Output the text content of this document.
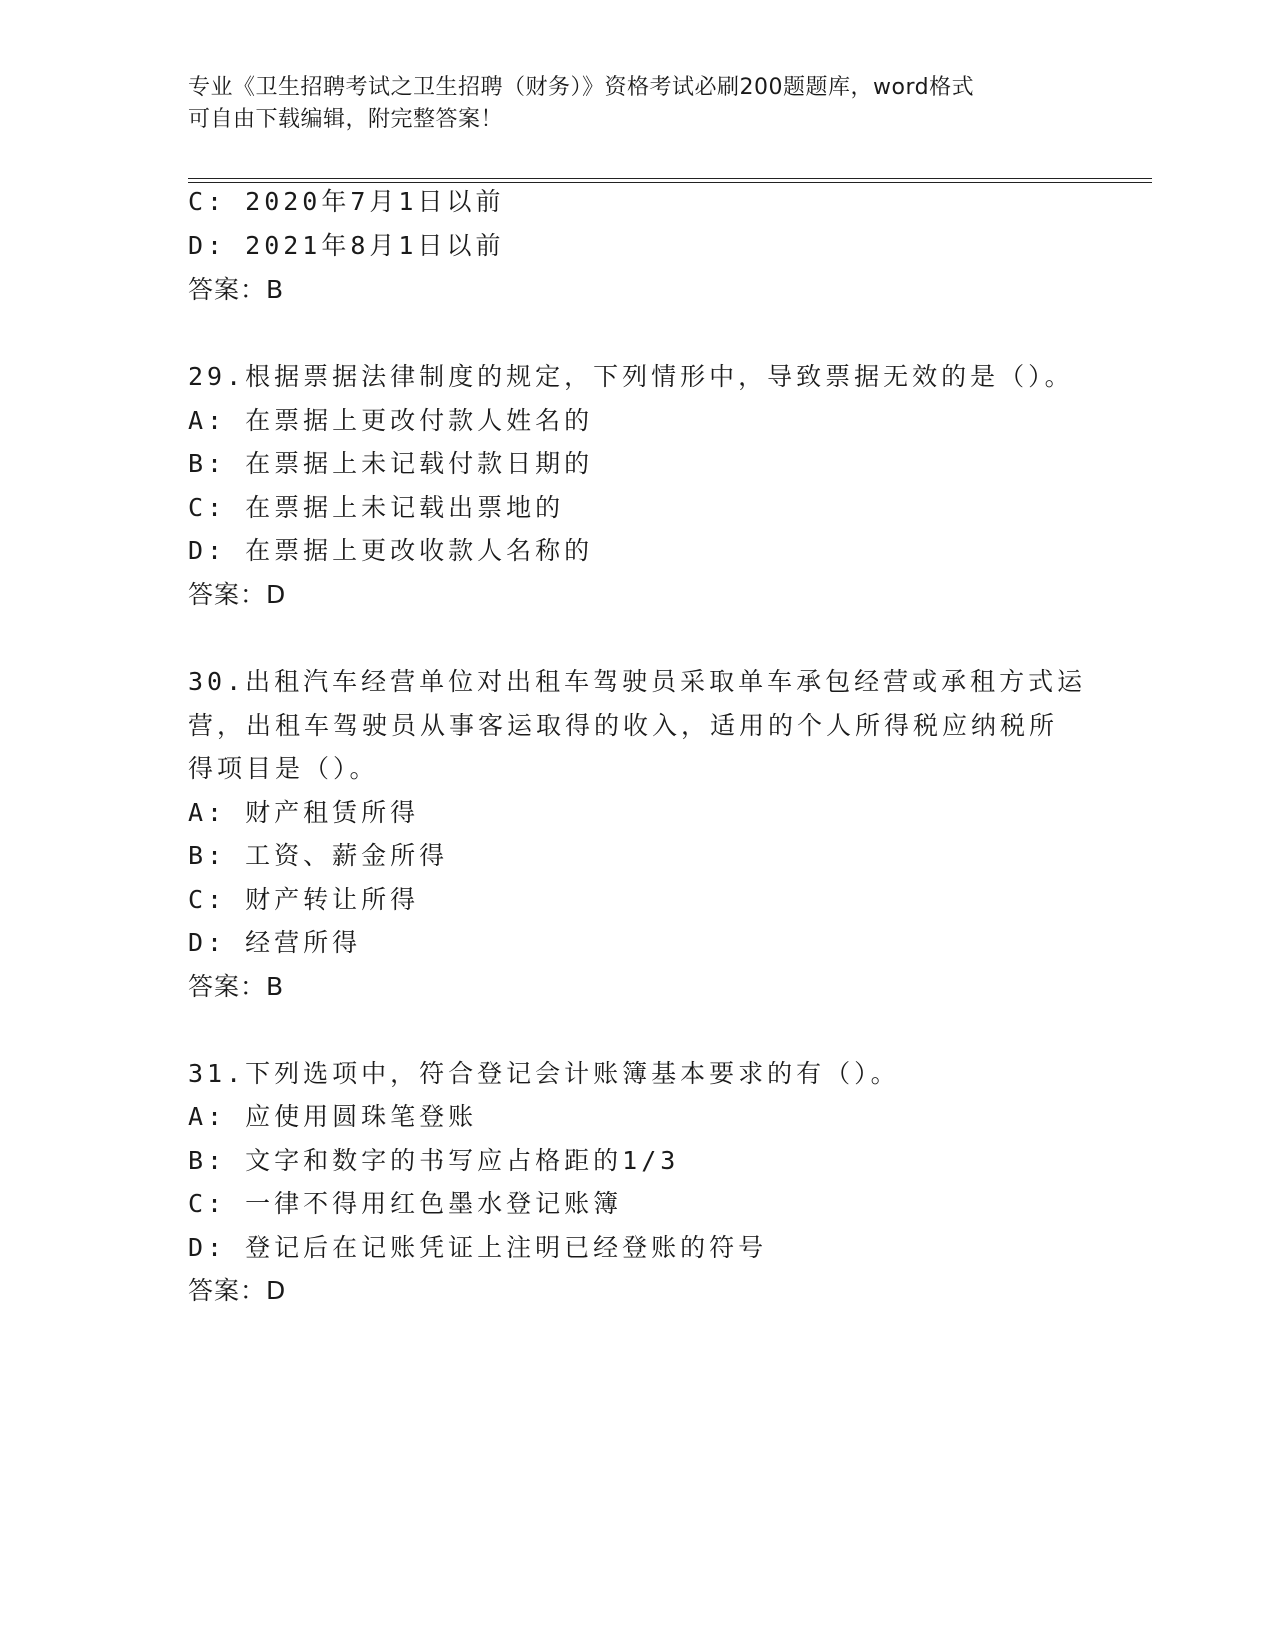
专业《卫生招聘考试之卫生招聘（财务）》资格考试必刷200题题库，word格式
可自由下载编辑，附完整答案！
C: 2020年7月1日以前
D: 2021年8月1日以前
答案：B
29.根据票据法律制度的规定，下列情形中，导致票据无效的是（）。
A: 在票据上更改付款人姓名的
B: 在票据上未记载付款日期的
C: 在票据上未记载出票地的
D: 在票据上更改收款人名称的
答案：D
30.出租汽车经营单位对出租车驾驶员采取单车承包经营或承租方式运
营，出租车驾驶员从事客运取得的收入，适用的个人所得税应纳税所
得项目是（）。
A: 财产租赁所得
B: 工资、薪金所得
C: 财产转让所得
D: 经营所得
答案：B
31.下列选项中，符合登记会计账簿基本要求的有（）。
A: 应使用圆珠笔登账
B: 文字和数字的书写应占格距的1/3
C: 一律不得用红色墨水登记账簿
D: 登记后在记账凭证上注明已经登账的符号
答案：D
